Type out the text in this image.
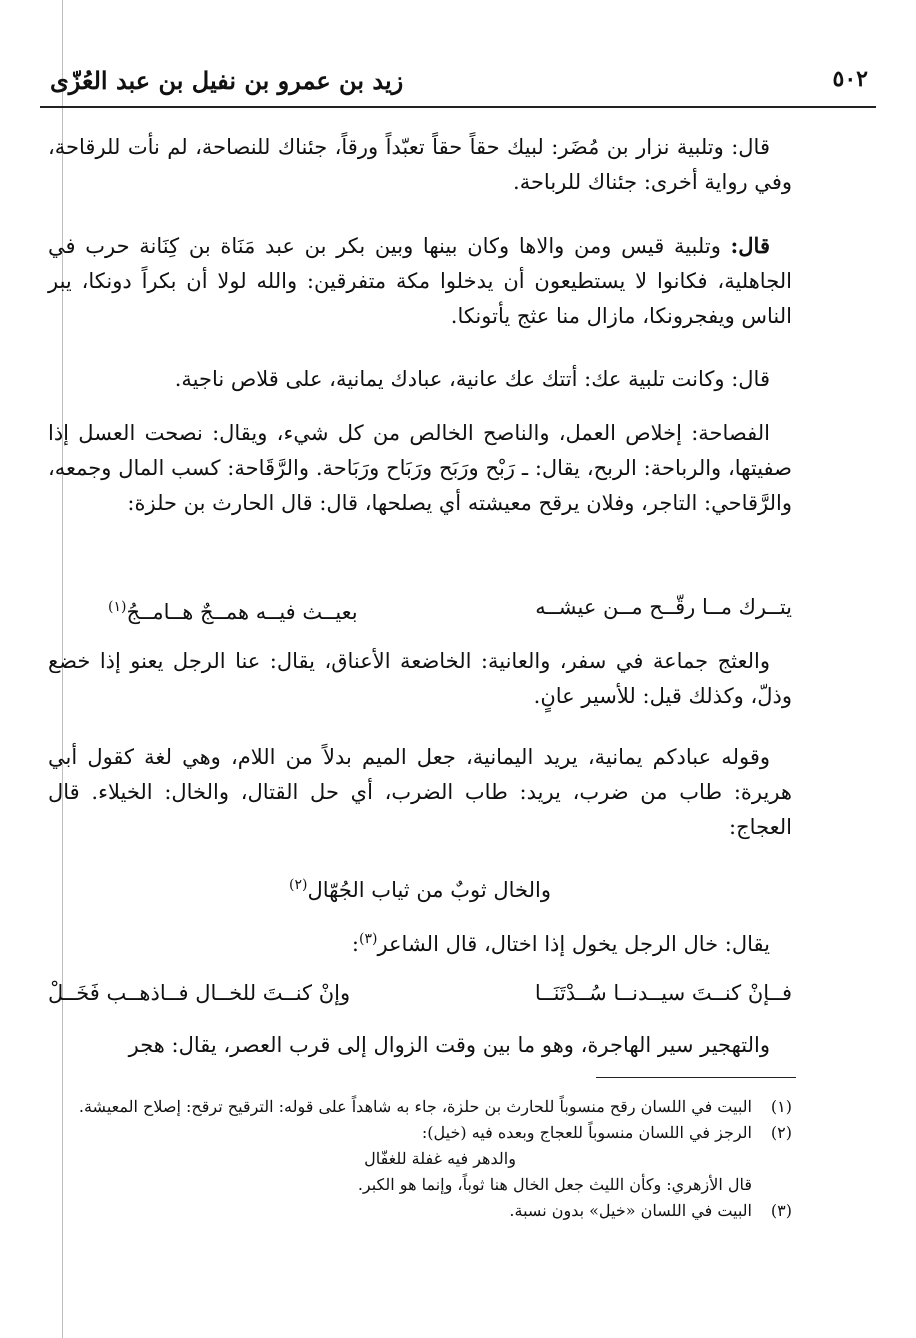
٥٠٢
زيد بن عمرو بن نفيل بن عبد العُزّى
قال: وتلبية نزار بن مُضَر: لبيك حقاً حقاً تعبّداً ورقاً، جئناك للنصاحة، لم نأت للرقاحة، وفي رواية أخرى: جئناك للرباحة.
قال: وتلبية قيس ومن والاها وكان بينها وبين بكر بن عبد مَنَاة بن كِنَانة حرب في الجاهلية، فكانوا لا يستطيعون أن يدخلوا مكة متفرقين: والله لولا أن بكراً دونكا، يبر الناس ويفجرونكا، مازال منا عثج يأتونكا.
قال: وكانت تلبية عك: أتتك عك عانية، عبادك يمانية، على قلاص ناجية.
الفصاحة: إخلاص العمل، والناصح الخالص من كل شيء، ويقال: نصحت العسل إذا صفيتها، والرباحة: الربح، يقال: ـ رَبْح ورَبَح ورَبَاح ورَبَاحة. والرَّقَاحة: كسب المال وجمعه، والرَّقاحي: التاجر، وفلان يرقح معيشته أي يصلحها، قال: قال الحارث بن حلزة:
يتــرك مــا رقّــح مــن عيشــه
بعيــث فيــه همــجٌ هــامــجُ$^{(١)}$
والعثج جماعة في سفر، والعانية: الخاضعة الأعناق، يقال: عنا الرجل يعنو إذا خضع وذلّ، وكذلك قيل: للأسير عانٍ.
وقوله عبادكم يمانية، يريد اليمانية، جعل الميم بدلاً من اللام، وهي لغة كقول أبي هريرة: طاب من ضرب، يريد: طاب الضرب، أي حل القتال، والخال: الخيلاء. قال العجاج:
والخال ثوبٌ من ثياب الجُهّال$^{(٢)}$
يقال: خال الرجل يخول إذا اختال، قال الشاعر$^{(٣)}$:
فــإنْ كنــتَ سيــدنــا سُــدْتَنَــا
وإنْ كنــتَ للخــال فــاذهــب فَخَــلْ
والتهجير سير الهاجرة، وهو ما بين وقت الزوال إلى قرب العصر، يقال: هجر
(١)
البيت في اللسان رقح منسوباً للحارث بن حلزة، جاء به شاهداً على قوله: الترقيح ترقح: إصلاح المعيشة.
(٢)
الرجز في اللسان منسوباً للعجاج وبعده فيه (خيل):
والدهر فيه غفلة للغفّال
قال الأزهري: وكأن الليث جعل الخال هنا ثوباً، وإنما هو الكبر.
(٣)
البيت في اللسان «خيل» بدون نسبة.
